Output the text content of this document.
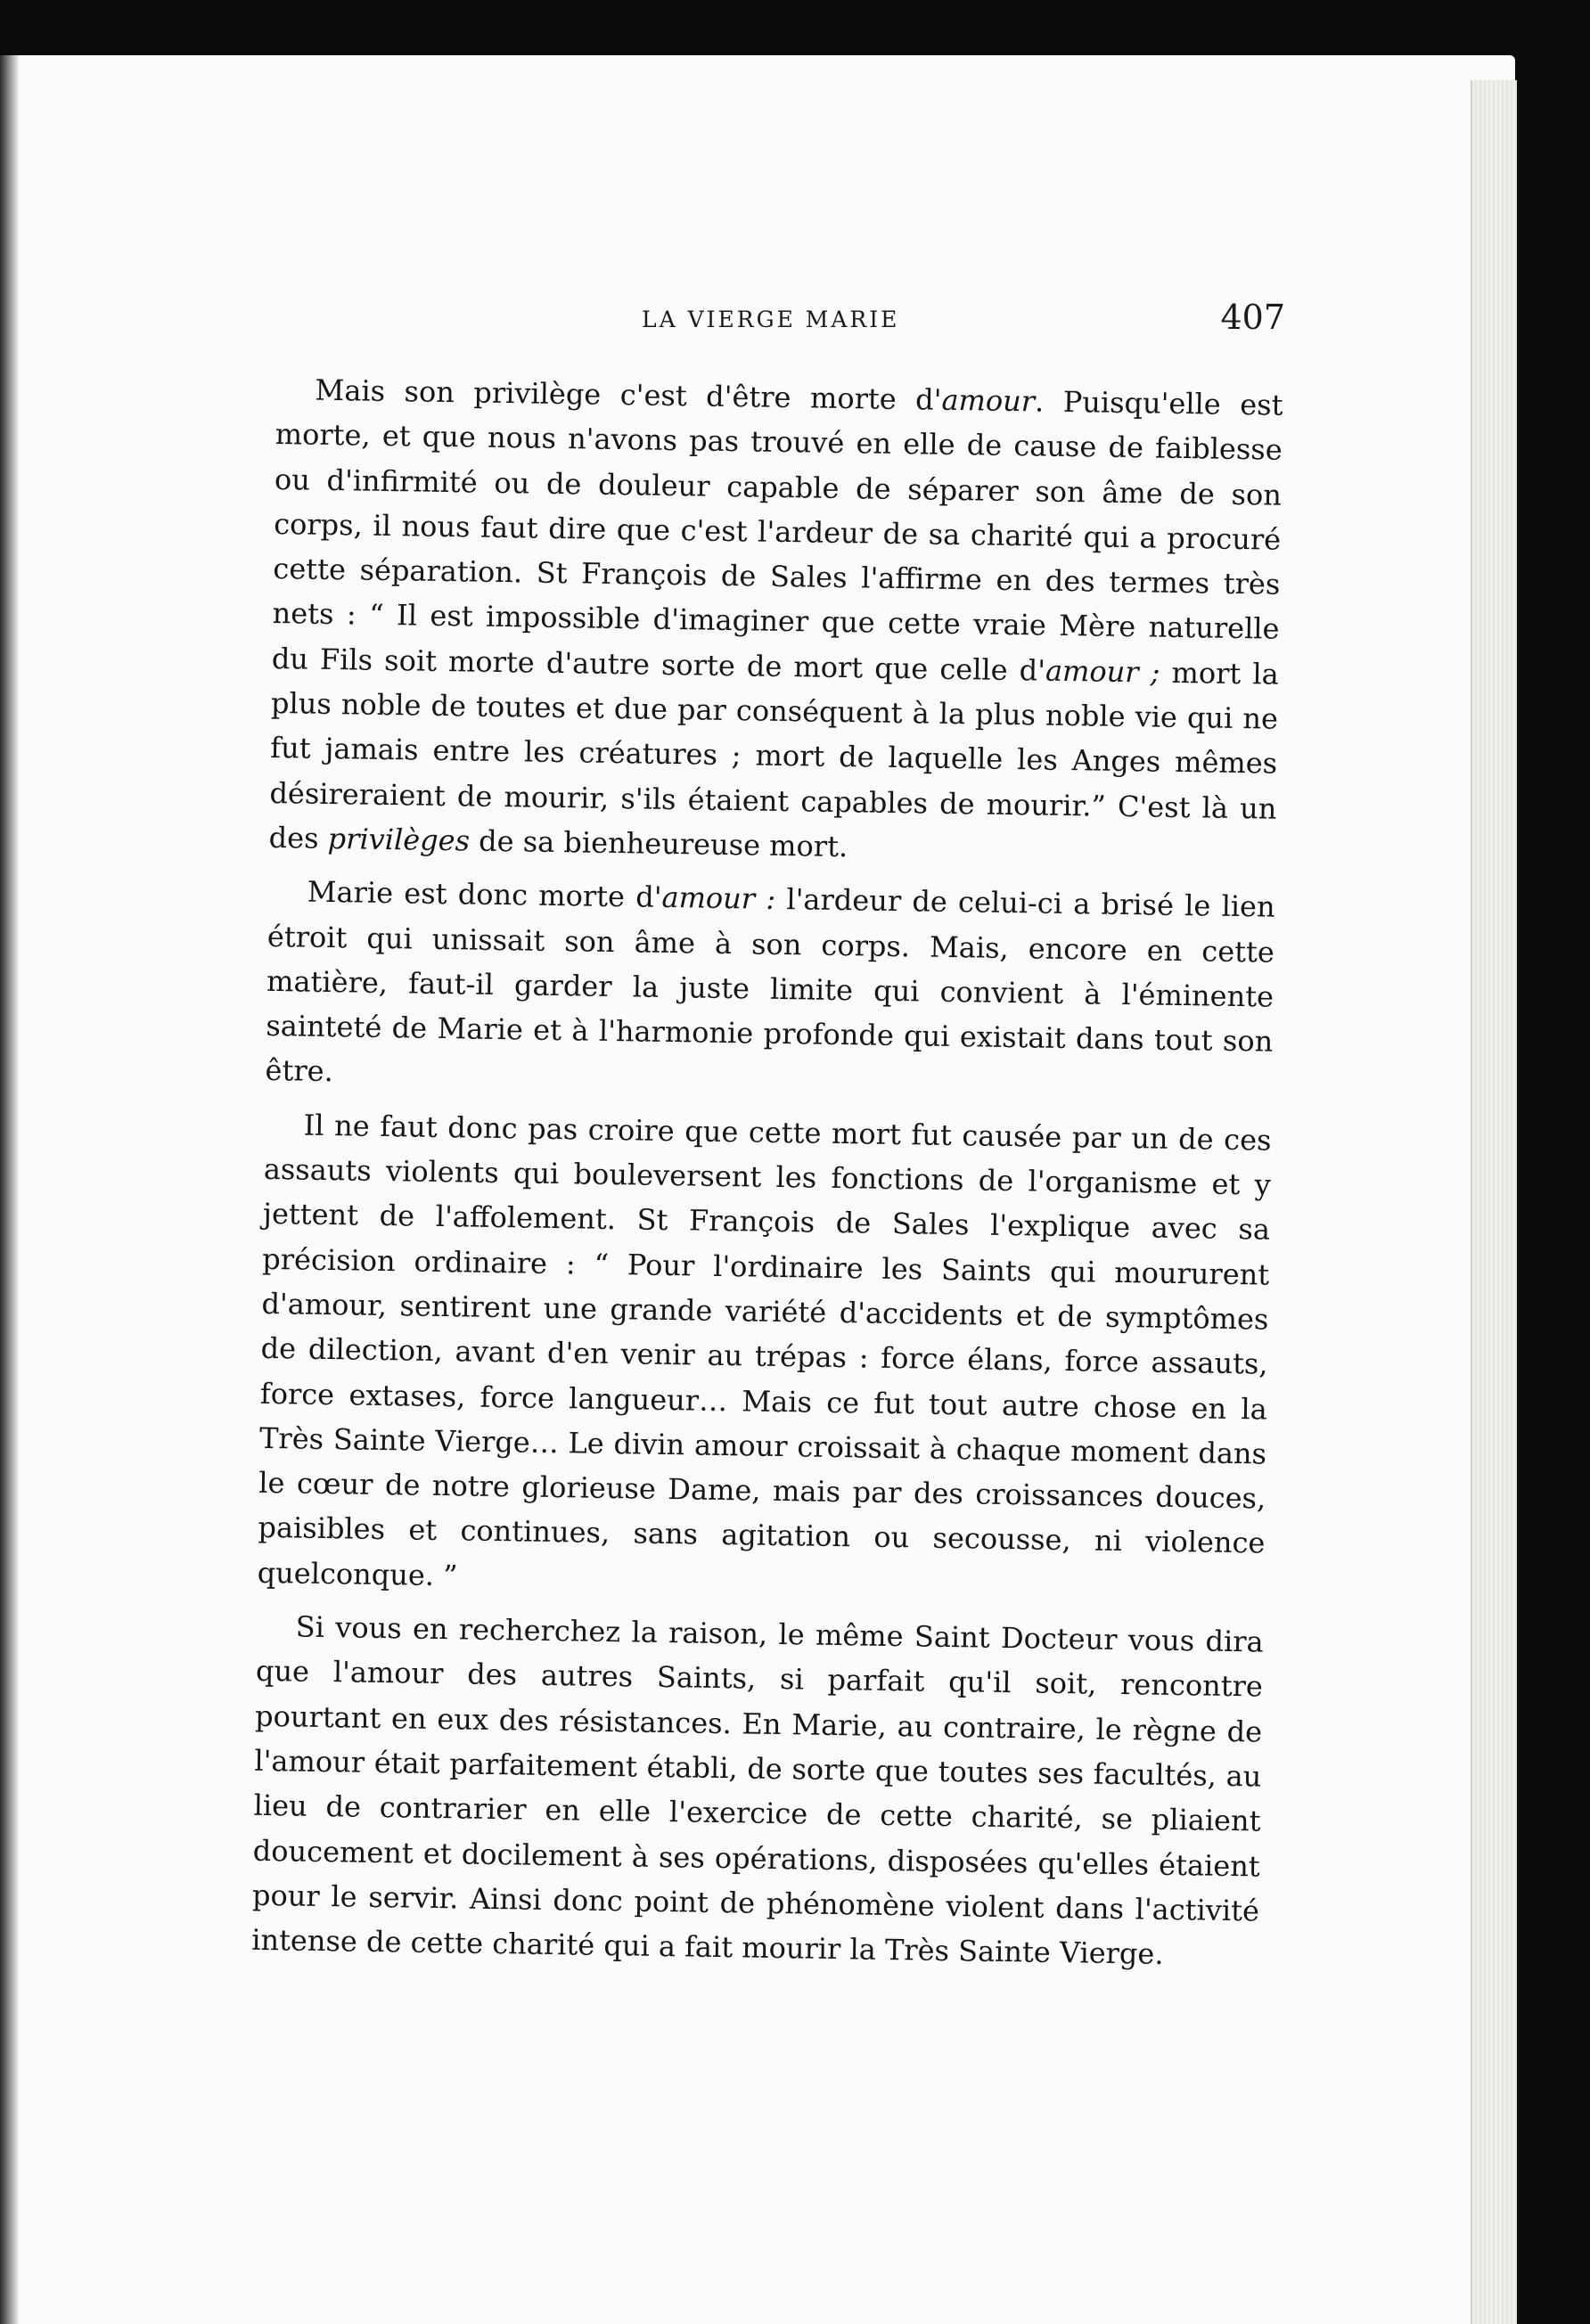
LA VIERGE MARIE	407

Mais son privilège c'est d'être morte d'amour. Puisqu'elle est morte, et que nous n'avons pas trouvé en elle de cause de faiblesse ou d'infirmité ou de douleur capable de séparer son âme de son corps, il nous faut dire que c'est l'ardeur de sa charité qui a procuré cette séparation. St François de Sales l'affirme en des termes très nets : “ Il est impossible d'imaginer que cette vraie Mère naturelle du Fils soit morte d'autre sorte de mort que celle d'amour ; mort la plus noble de toutes et due par conséquent à la plus noble vie qui ne fut jamais entre les créatures ; mort de laquelle les Anges mêmes désireraient de mourir, s'ils étaient capables de mourir.” C'est là un des privilèges de sa bienheureuse mort.

Marie est donc morte d'amour : l'ardeur de celui-ci a brisé le lien étroit qui unissait son âme à son corps. Mais, encore en cette matière, faut-il garder la juste limite qui convient à l'éminente sainteté de Marie et à l'harmonie profonde qui existait dans tout son être.

Il ne faut donc pas croire que cette mort fut causée par un de ces assauts violents qui bouleversent les fonctions de l'organisme et y jettent de l'affolement. St François de Sales l'explique avec sa précision ordinaire : “ Pour l'ordinaire les Saints qui moururent d'amour, sentirent une grande variété d'accidents et de symptômes de dilection, avant d'en venir au trépas : force élans, force assauts, force extases, force langueur… Mais ce fut tout autre chose en la Très Sainte Vierge… Le divin amour croissait à chaque moment dans le cœur de notre glorieuse Dame, mais par des croissances douces, paisibles et continues, sans agitation ou secousse, ni violence quelconque. ”

Si vous en recherchez la raison, le même Saint Docteur vous dira que l'amour des autres Saints, si parfait qu'il soit, rencontre pourtant en eux des résistances. En Marie, au contraire, le règne de l'amour était parfaitement établi, de sorte que toutes ses facultés, au lieu de contrarier en elle l'exercice de cette charité, se pliaient doucement et docilement à ses opérations, disposées qu'elles étaient pour le servir. Ainsi donc point de phénomène violent dans l'activité intense de cette charité qui a fait mourir la Très Sainte Vierge.
